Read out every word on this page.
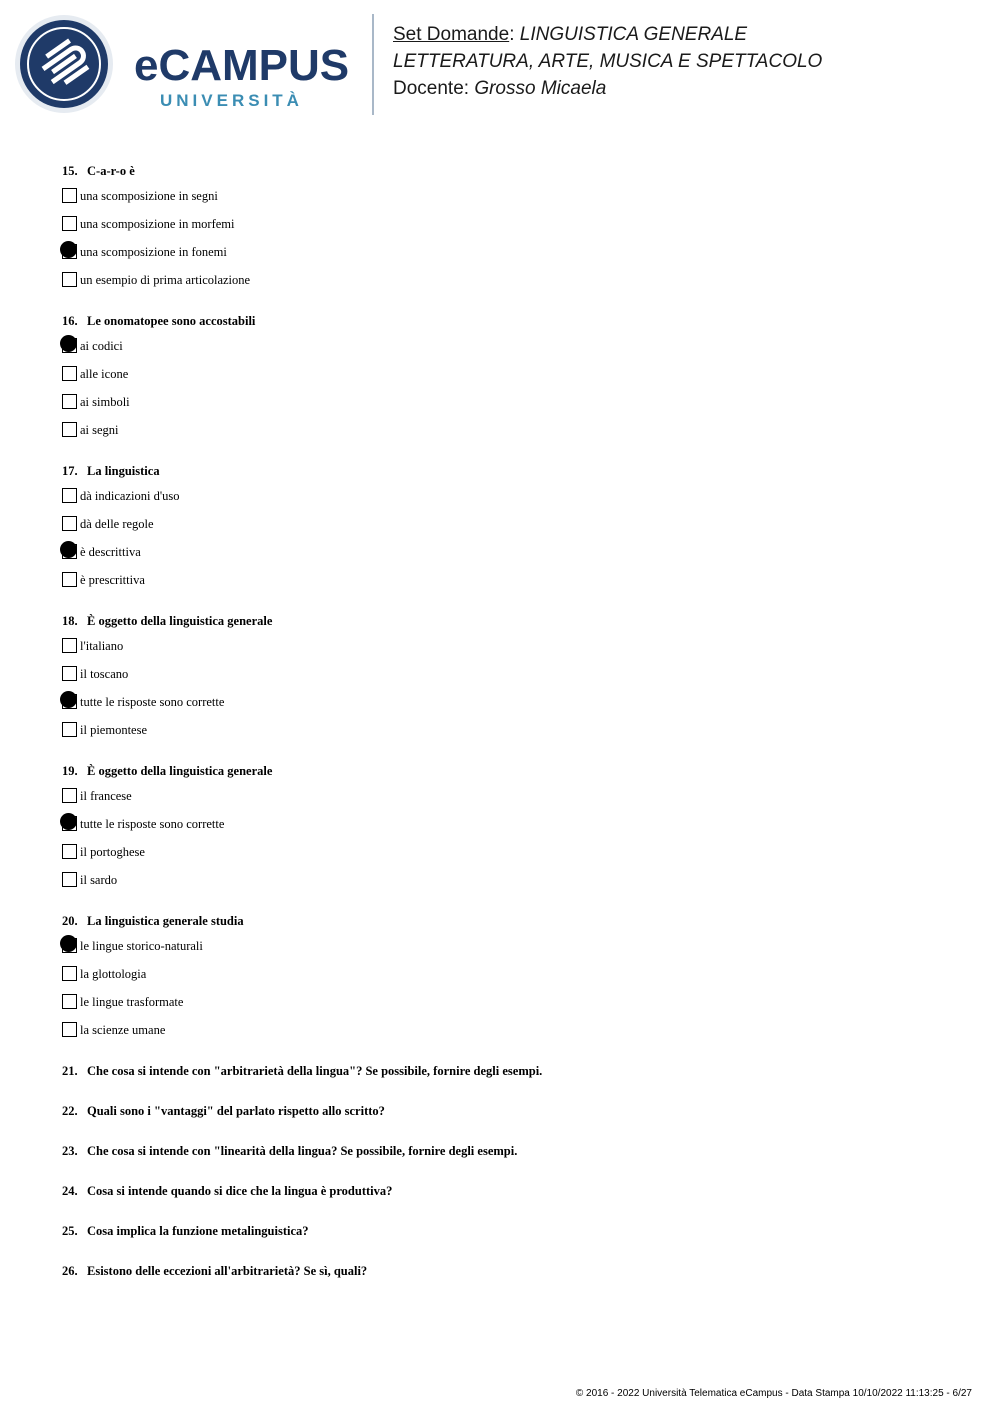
eCAMPUS
UNIVERSITÀ
Set Domande: LINGUISTICA GENERALE
LETTERATURA, ARTE, MUSICA E SPETTACOLO
Docente: Grosso Micaela
15. C-a-r-o è
una scomposizione in segni
una scomposizione in morfemi
una scomposizione in fonemi
un esempio di prima articolazione
16. Le onomatopee sono accostabili
ai codici
alle icone
ai simboli
ai segni
17. La linguistica
dà indicazioni d'uso
dà delle regole
è descrittiva
è prescrittiva
18. È oggetto della linguistica generale
l'italiano
il toscano
tutte le risposte sono corrette
il piemontese
19. È oggetto della linguistica generale
il francese
tutte le risposte sono corrette
il portoghese
il sardo
20. La linguistica generale studia
le lingue storico-naturali
la glottologia
le lingue trasformate
la scienze umane
21. Che cosa si intende con "arbitrarietà della lingua"? Se possibile, fornire degli esempi.
22. Quali sono i "vantaggi" del parlato rispetto allo scritto?
23. Che cosa si intende con "linearità della lingua? Se possibile, fornire degli esempi.
24. Cosa si intende quando si dice che la lingua è produttiva?
25. Cosa implica la funzione metalinguistica?
26. Esistono delle eccezioni all'arbitrarietà? Se sì, quali?
© 2016 - 2022 Università Telematica eCampus - Data Stampa 10/10/2022 11:13:25 - 6/27
